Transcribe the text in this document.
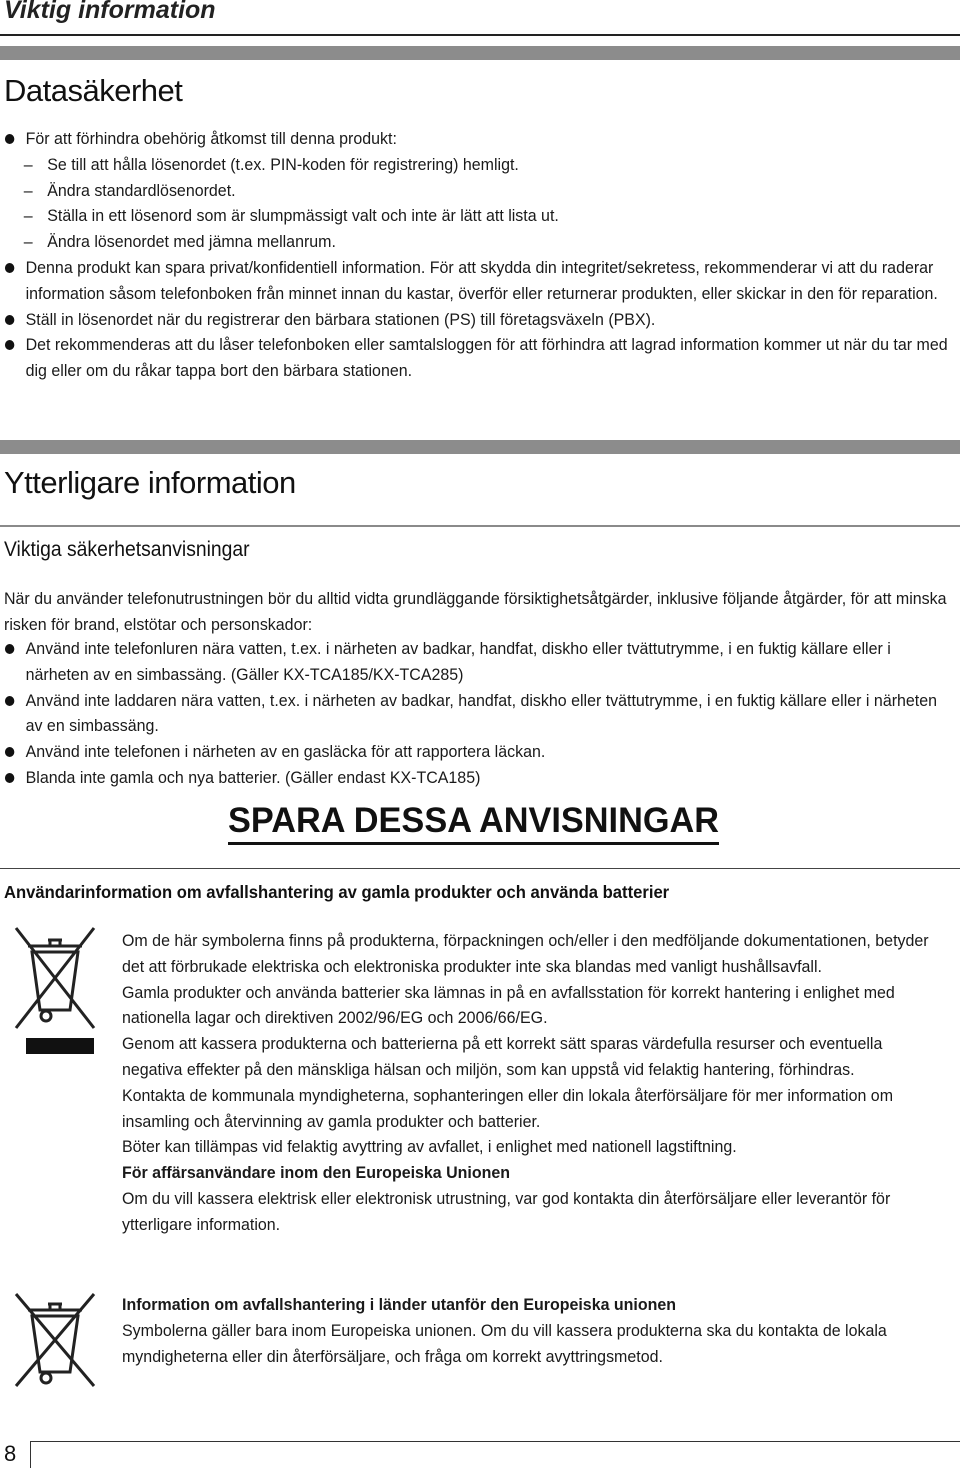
Viktig information
Datasäkerhet
För att förhindra obehörig åtkomst till denna produkt:
– Se till att hålla lösenordet (t.ex. PIN-koden för registrering) hemligt.
– Ändra standardlösenordet.
– Ställa in ett lösenord som är slumpmässigt valt och inte är lätt att lista ut.
– Ändra lösenordet med jämna mellanrum.
Denna produkt kan spara privat/konfidentiell information. För att skydda din integritet/sekretess, rekommenderar vi att du raderar information såsom telefonboken från minnet innan du kastar, överför eller returnerar produkten, eller skickar in den för reparation.
Ställ in lösenordet när du registrerar den bärbara stationen (PS) till företagsväxeln (PBX).
Det rekommenderas att du låser telefonboken eller samtalsloggen för att förhindra att lagrad information kommer ut när du tar med dig eller om du råkar tappa bort den bärbara stationen.
Ytterligare information
Viktiga säkerhetsanvisningar
När du använder telefonutrustningen bör du alltid vidta grundläggande försiktighetsåtgärder, inklusive följande åtgärder, för att minska risken för brand, elstötar och personskador:
Använd inte telefonluren nära vatten, t.ex. i närheten av badkar, handfat, diskho eller tvättutrymme, i en fuktig källare eller i närheten av en simbassäng. (Gäller KX-TCA185/KX-TCA285)
Använd inte laddaren nära vatten, t.ex. i närheten av badkar, handfat, diskho eller tvättutrymme, i en fuktig källare eller i närheten av en simbassäng.
Använd inte telefonen i närheten av en gasläcka för att rapportera läckan.
Blanda inte gamla och nya batterier. (Gäller endast KX-TCA185)
SPARA DESSA ANVISNINGAR
Användarinformation om avfallshantering av gamla produkter och använda batterier
Om de här symbolerna finns på produkterna, förpackningen och/eller i den medföljande dokumentationen, betyder det att förbrukade elektriska och elektroniska produkter inte ska blandas med vanligt hushållsavfall.
Gamla produkter och använda batterier ska lämnas in på en avfallsstation för korrekt hantering i enlighet med nationella lagar och direktiven 2002/96/EG och 2006/66/EG.
Genom att kassera produkterna och batterierna på ett korrekt sätt sparas värdefulla resurser och eventuella negativa effekter på den mänskliga hälsan och miljön, som kan uppstå vid felaktig hantering, förhindras.
Kontakta de kommunala myndigheterna, sophanteringen eller din lokala återförsäljare för mer information om insamling och återvinning av gamla produkter och batterier.
Böter kan tillämpas vid felaktig avyttring av avfallet, i enlighet med nationell lagstiftning.
För affärsanvändare inom den Europeiska Unionen
Om du vill kassera elektrisk eller elektronisk utrustning, var god kontakta din återförsäljare eller leverantör för ytterligare information.
Information om avfallshantering i länder utanför den Europeiska unionen
Symbolerna gäller bara inom Europeiska unionen. Om du vill kassera produkterna ska du kontakta de lokala myndigheterna eller din återförsäljare, och fråga om korrekt avyttringsmetod.
8
